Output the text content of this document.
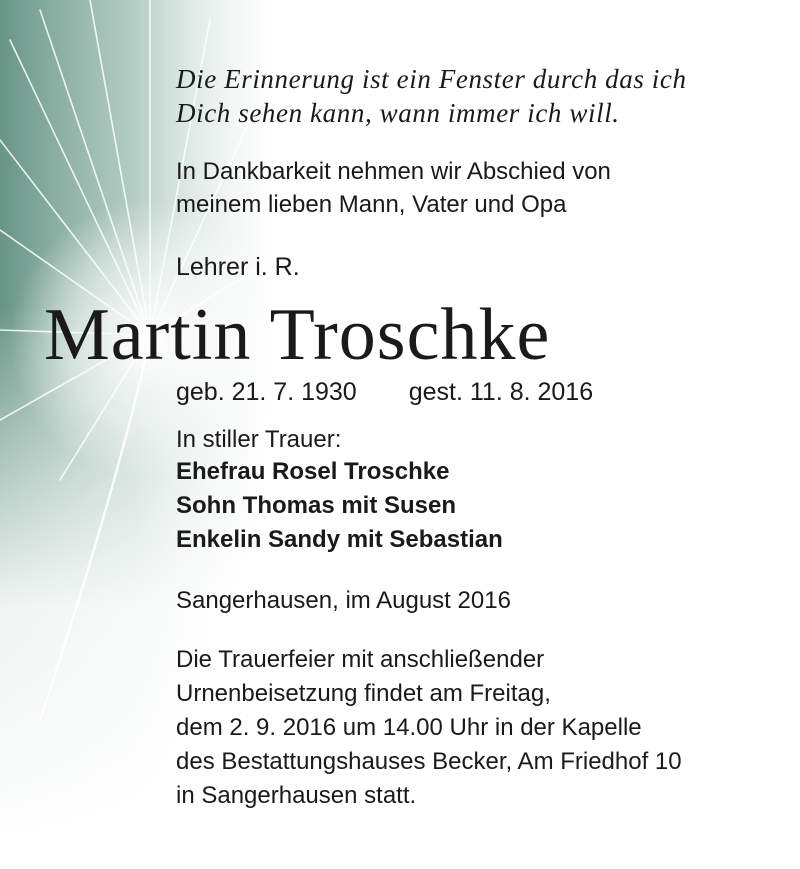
Die Erinnerung ist ein Fenster durch das ich
Dich sehen kann, wann immer ich will.
In Dankbarkeit nehmen wir Abschied von
meinem lieben Mann, Vater und Opa
Lehrer i. R.
Martin Troschke
geb. 21. 7. 1930 gest. 11. 8. 2016
In stiller Trauer:
Ehefrau Rosel Troschke
Sohn Thomas mit Susen
Enkelin Sandy mit Sebastian
Sangerhausen, im August 2016
Die Trauerfeier mit anschließender
Urnenbeisetzung findet am Freitag,
dem 2. 9. 2016 um 14.00 Uhr in der Kapelle
des Bestattungshauses Becker, Am Friedhof 10
in Sangerhausen statt.
